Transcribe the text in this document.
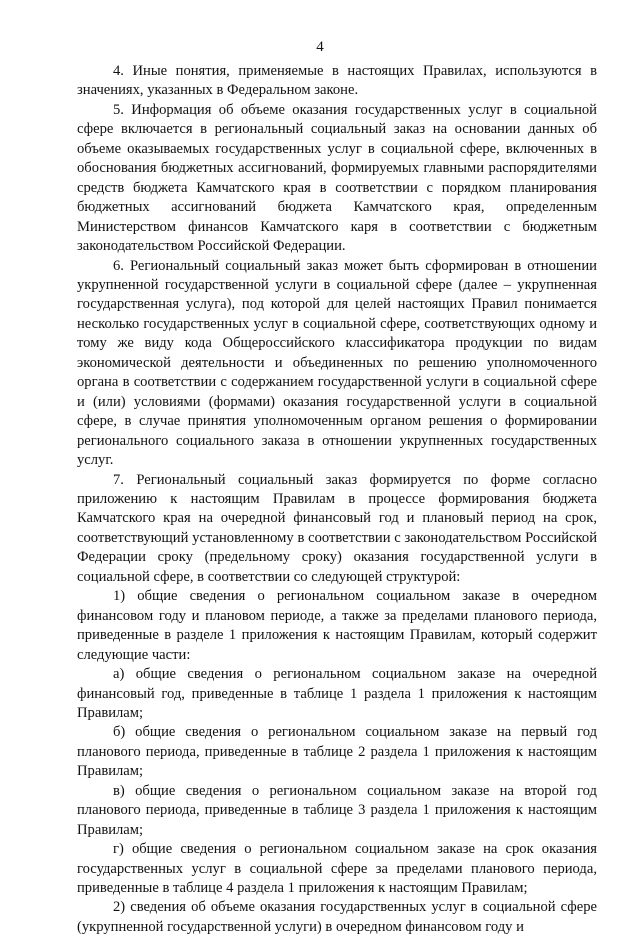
4

4. Иные понятия, применяемые в настоящих Правилах, используются в значениях, указанных в Федеральном законе.

5. Информация об объеме оказания государственных услуг в социальной сфере включается в региональный социальный заказ на основании данных об объеме оказываемых государственных услуг в социальной сфере, включенных в обоснования бюджетных ассигнований, формируемых главными распорядителями средств бюджета Камчатского края в соответствии с порядком планирования бюджетных ассигнований бюджета Камчатского края, определенным Министерством финансов Камчатского каря в соответствии с бюджетным законодательством Российской Федерации.

6. Региональный социальный заказ может быть сформирован в отношении укрупненной государственной услуги в социальной сфере (далее – укрупненная государственная услуга), под которой для целей настоящих Правил понимается несколько государственных услуг в социальной сфере, соответствующих одному и тому же виду кода Общероссийского классификатора продукции по видам экономической деятельности и объединенных по решению уполномоченного органа в соответствии с содержанием государственной услуги в социальной сфере и (или) условиями (формами) оказания государственной услуги в социальной сфере, в случае принятия уполномоченным органом решения о формировании регионального социального заказа в отношении укрупненных государственных услуг.

7. Региональный социальный заказ формируется по форме согласно приложению к настоящим Правилам в процессе формирования бюджета Камчатского края на очередной финансовый год и плановый период на срок, соответствующий установленному в соответствии с законодательством Российской Федерации сроку (предельному сроку) оказания государственной услуги в социальной сфере, в соответствии со следующей структурой:

1) общие сведения о региональном социальном заказе в очередном финансовом году и плановом периоде, а также за пределами планового периода, приведенные в разделе 1 приложения к настоящим Правилам, который содержит следующие части:

а) общие сведения о региональном социальном заказе на очередной финансовый год, приведенные в таблице 1 раздела 1 приложения к настоящим Правилам;

б) общие сведения о региональном социальном заказе на первый год планового периода, приведенные в таблице 2 раздела 1 приложения к настоящим Правилам;

в) общие сведения о региональном социальном заказе на второй год планового периода, приведенные в таблице 3 раздела 1 приложения к настоящим Правилам;

г) общие сведения о региональном социальном заказе на срок оказания государственных услуг в социальной сфере за пределами планового периода, приведенные в таблице 4 раздела 1 приложения к настоящим Правилам;

2) сведения об объеме оказания государственных услуг в социальной сфере (укрупненной государственной услуги) в очередном финансовом году и
